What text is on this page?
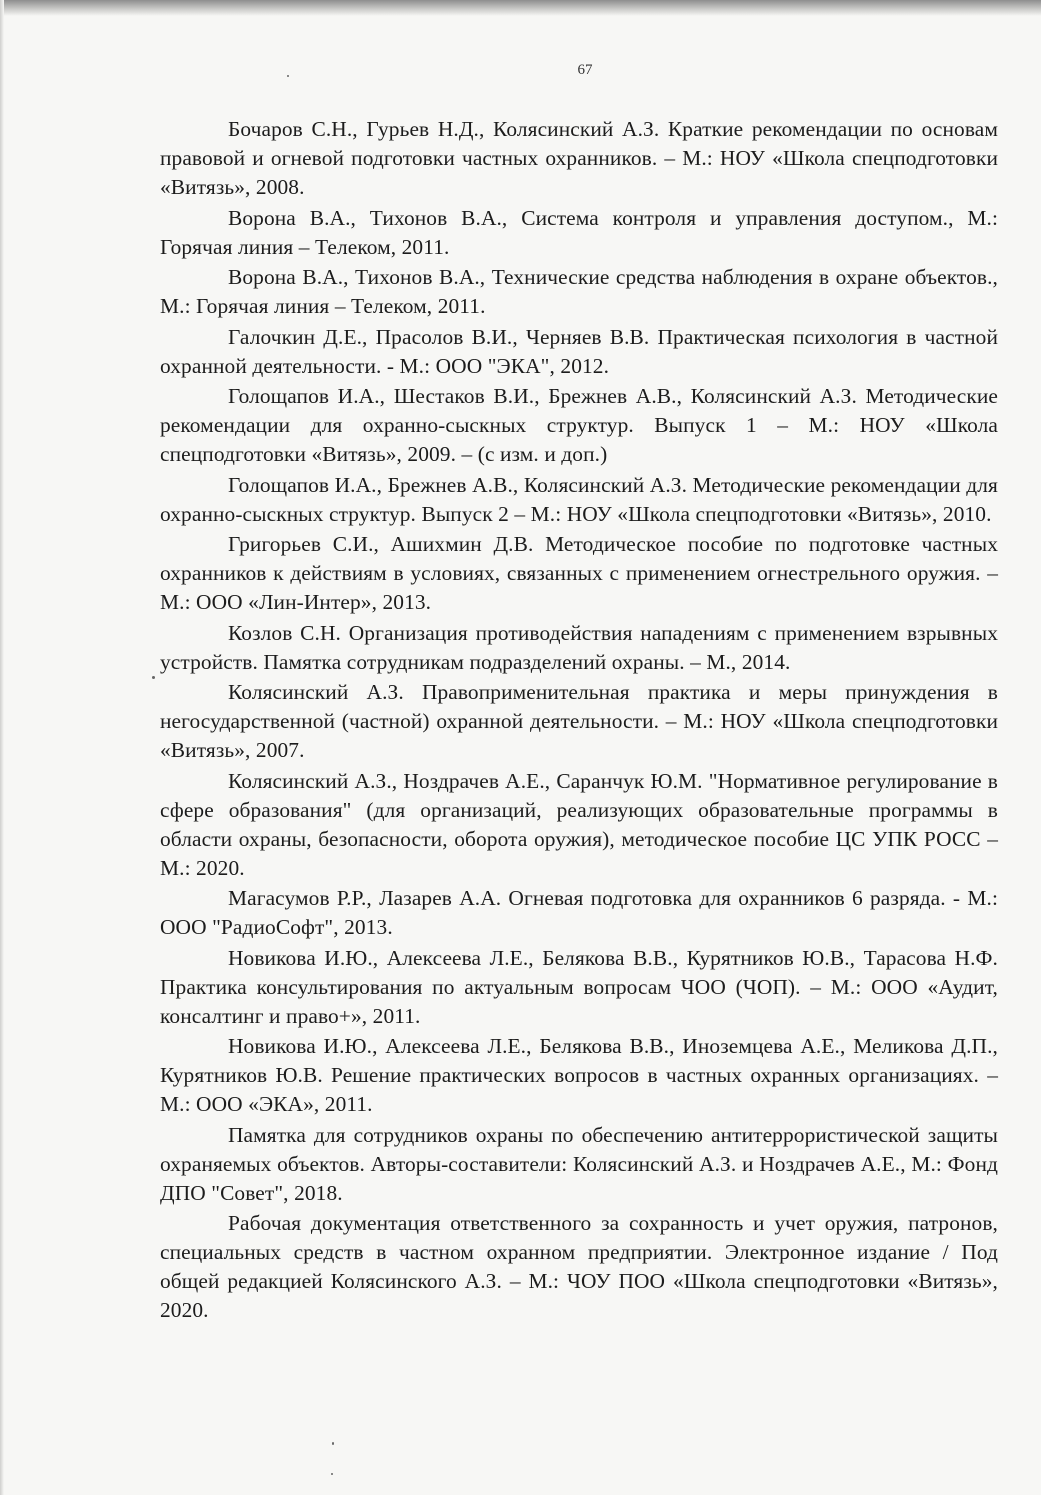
67
Бочаров С.Н., Гурьев Н.Д., Колясинский А.З. Краткие рекомендации по основам правовой и огневой подготовки частных охранников. – М.: НОУ «Школа спецподготовки «Витязь», 2008.
Ворона В.А., Тихонов В.А., Система контроля и управления доступом., М.: Горячая линия – Телеком, 2011.
Ворона В.А., Тихонов В.А., Технические средства наблюдения в охране объектов., М.: Горячая линия – Телеком, 2011.
Галочкин Д.Е., Прасолов В.И., Черняев В.В. Практическая психология в частной охранной деятельности. - М.: ООО "ЭКА", 2012.
Голощапов И.А., Шестаков В.И., Брежнев А.В., Колясинский А.З. Методические рекомендации для охранно-сыскных структур. Выпуск 1 – М.: НОУ «Школа спецподготовки «Витязь», 2009. – (с изм. и доп.)
Голощапов И.А., Брежнев А.В., Колясинский А.З. Методические рекомендации для охранно-сыскных структур. Выпуск 2 – М.: НОУ «Школа спецподготовки «Витязь», 2010.
Григорьев С.И., Ашихмин Д.В. Методическое пособие по подготовке частных охранников к действиям в условиях, связанных с применением огнестрельного оружия. – М.: ООО «Лин-Интер», 2013.
Козлов С.Н. Организация противодействия нападениям с применением взрывных устройств. Памятка сотрудникам подразделений охраны. – М., 2014.
Колясинский А.З. Правоприменительная практика и меры принуждения в негосударственной (частной) охранной деятельности. – М.: НОУ «Школа спецподготовки «Витязь», 2007.
Колясинский А.З., Ноздрачев А.Е., Саранчук Ю.М. "Нормативное регулирование в сфере образования" (для организаций, реализующих образовательные программы в области охраны, безопасности, оборота оружия), методическое пособие ЦС УПК РОСС – М.: 2020.
Магасумов Р.Р., Лазарев А.А. Огневая подготовка для охранников 6 разряда. - М.: ООО "РадиоСофт", 2013.
Новикова И.Ю., Алексеева Л.Е., Белякова В.В., Курятников Ю.В., Тарасова Н.Ф. Практика консультирования по актуальным вопросам ЧОО (ЧОП). – М.: ООО «Аудит, консалтинг и право+», 2011.
Новикова И.Ю., Алексеева Л.Е., Белякова В.В., Иноземцева А.Е., Меликова Д.П., Курятников Ю.В. Решение практических вопросов в частных охранных организациях. – М.: ООО «ЭКА», 2011.
Памятка для сотрудников охраны по обеспечению антитеррористической защиты охраняемых объектов. Авторы-составители: Колясинский А.З. и Ноздрачев А.Е., М.: Фонд ДПО "Совет", 2018.
Рабочая документация ответственного за сохранность и учет оружия, патронов, специальных средств в частном охранном предприятии. Электронное издание / Под общей редакцией Колясинского А.З. – М.: ЧОУ ПОО «Школа спецподготовки «Витязь», 2020.
